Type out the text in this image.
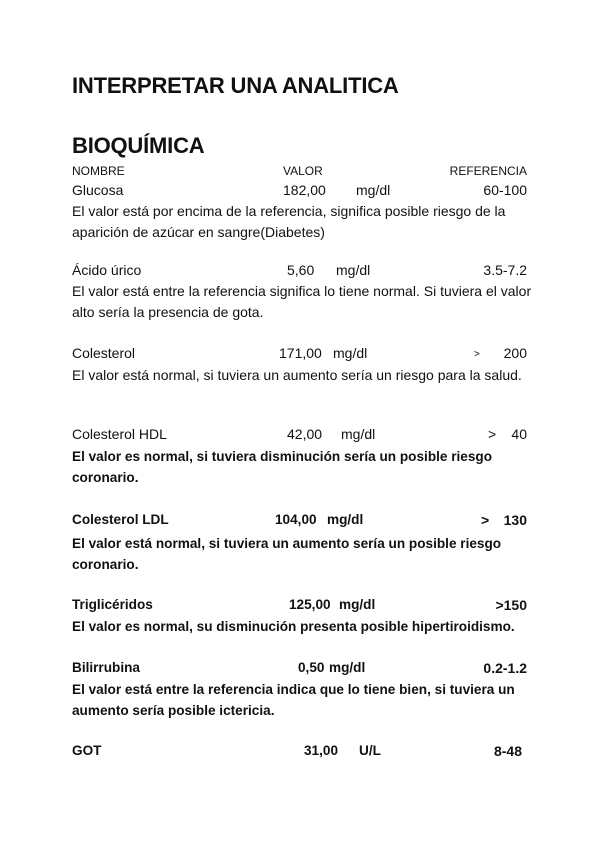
INTERPRETAR UNA ANALITICA
BIOQUÍMICA
NOMBRE	VALOR	REFERENCIA
Glucosa	182,00 mg/dl	60-100
El valor está por encima de la referencia, significa posible riesgo de la aparición de azúcar en sangre(Diabetes)
Ácido úrico	5,60 mg/dl	3.5-7.2
El valor está entre la referencia significa lo tiene normal. Si tuviera el valor alto sería la presencia de gota.
Colesterol	171,00 mg/dl	> 200
El valor está normal, si tuviera un aumento sería un riesgo para la salud.
Colesterol HDL	42,00 mg/dl	> 40
El valor es normal, si tuviera disminución sería un posible riesgo coronario.
Colesterol LDL	104,00 mg/dl	> 130
El valor está normal, si tuviera un aumento sería un posible riesgo coronario.
Triglicéridos	125,00 mg/dl	>150
El valor es normal, su disminución presenta posible hipertiroidismo.
Bilirrubina	0,50 mg/dl	0.2-1.2
El valor está entre la referencia indica que lo tiene bien, si tuviera un aumento sería posible ictericia.
GOT	31,00 U/L	8-48
